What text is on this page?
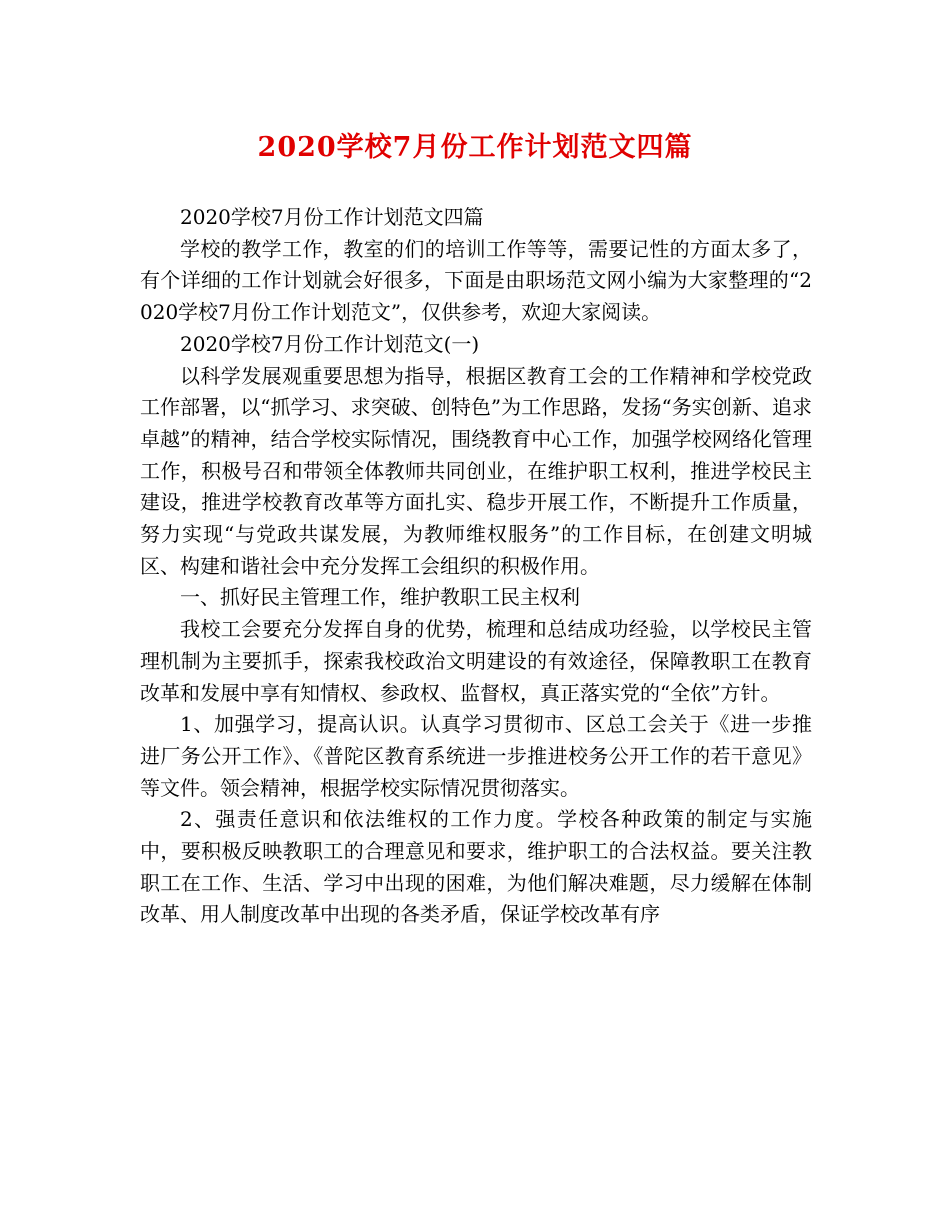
2020学校7月份工作计划范文四篇

2020学校7月份工作计划范文四篇

学校的教学工作，教室的们的培训工作等等，需要记性的方面太多了，有个详细的工作计划就会好很多，下面是由职场范文网小编为大家整理的“2020学校7月份工作计划范文”，仅供参考，欢迎大家阅读。

2020学校7月份工作计划范文(一)

以科学发展观重要思想为指导，根据区教育工会的工作精神和学校党政工作部署，以“抓学习、求突破、创特色”为工作思路，发扬“务实创新、追求卓越”的精神，结合学校实际情况，围绕教育中心工作，加强学校网络化管理工作，积极号召和带领全体教师共同创业，在维护职工权利，推进学校民主建设，推进学校教育改革等方面扎实、稳步开展工作，不断提升工作质量，努力实现“与党政共谋发展，为教师维权服务”的工作目标，在创建文明城区、构建和谐社会中充分发挥工会组织的积极作用。

一、抓好民主管理工作，维护教职工民主权利

我校工会要充分发挥自身的优势，梳理和总结成功经验，以学校民主管理机制为主要抓手，探索我校政治文明建设的有效途径，保障教职工在教育改革和发展中享有知情权、参政权、监督权，真正落实党的“全依”方针。

1、加强学习，提高认识。认真学习贯彻市、区总工会关于《进一步推进厂务公开工作》、《普陀区教育系统进一步推进校务公开工作的若干意见》等文件。领会精神，根据学校实际情况贯彻落实。

2、强责任意识和依法维权的工作力度。学校各种政策的制定与实施中，要积极反映教职工的合理意见和要求，维护职工的合法权益。要关注教职工在工作、生活、学习中出现的困难，为他们解决难题，尽力缓解在体制改革、用人制度改革中出现的各类矛盾，保证学校改革有序
